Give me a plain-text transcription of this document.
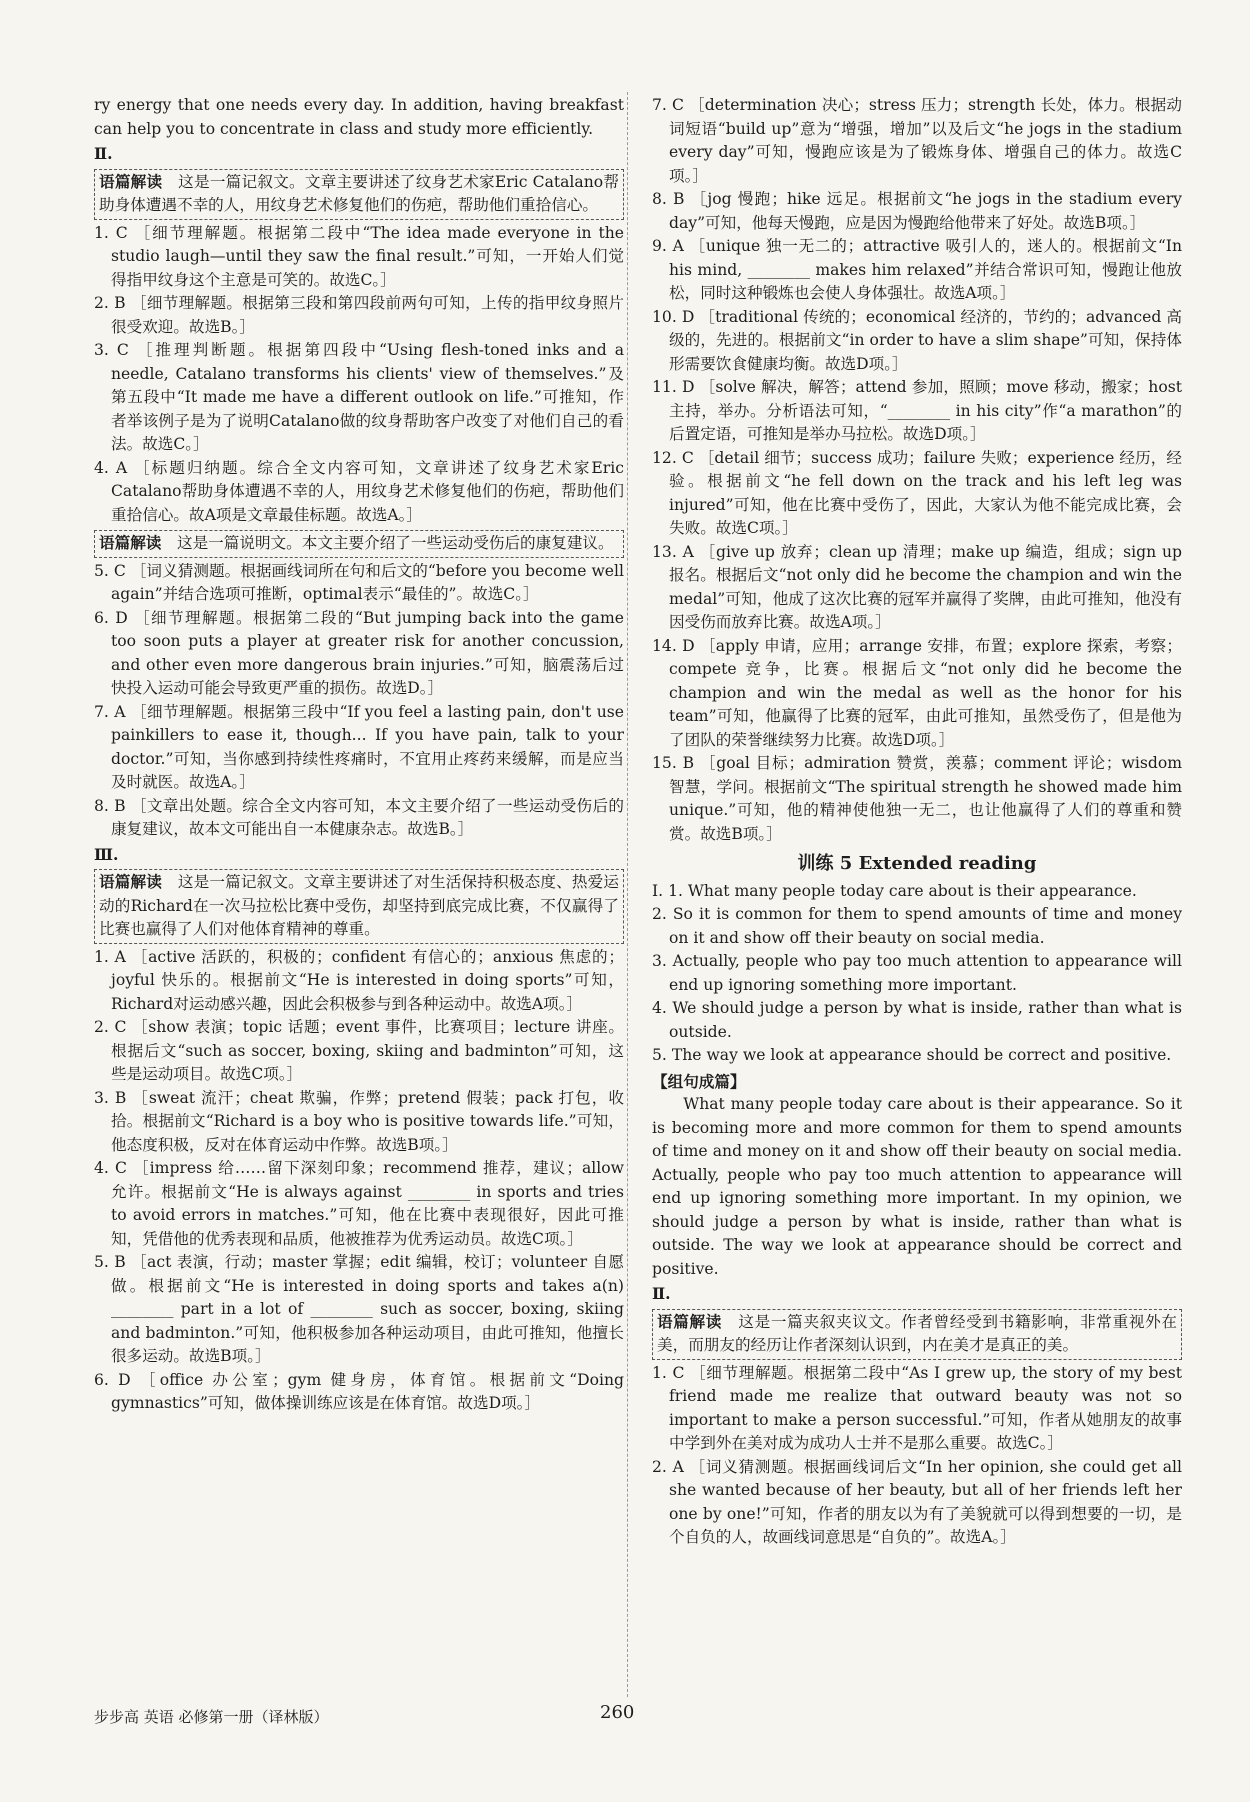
ry energy that one needs every day. In addition, having breakfast can help you to concentrate in class and study more efficiently.

Ⅱ.

语篇解读  这是一篇记叙文。文章主要讲述了纹身艺术家Eric Catalano帮助身体遭遇不幸的人，用纹身艺术修复他们的伤疤，帮助他们重拾信心。

1. C ［细节理解题。根据第二段中“The idea made everyone in the studio laugh—until they saw the final result.”可知，一开始人们觉得指甲纹身这个主意是可笑的。故选C。］

2. B ［细节理解题。根据第三段和第四段前两句可知，上传的指甲纹身照片很受欢迎。故选B。］

3. C ［推理判断题。根据第四段中“Using flesh-toned inks and a needle, Catalano transforms his clients' view of themselves.”及第五段中“It made me have a different outlook on life.”可推知，作者举该例子是为了说明Catalano做的纹身帮助客户改变了对他们自己的看法。故选C。］

4. A ［标题归纳题。综合全文内容可知，文章讲述了纹身艺术家Eric Catalano帮助身体遭遇不幸的人，用纹身艺术修复他们的伤疤，帮助他们重拾信心。故A项是文章最佳标题。故选A。］

语篇解读  这是一篇说明文。本文主要介绍了一些运动受伤后的康复建议。

5. C ［词义猜测题。根据画线词所在句和后文的“before you become well again”并结合选项可推断，optimal表示“最佳的”。故选C。］

6. D ［细节理解题。根据第二段的“But jumping back into the game too soon puts a player at greater risk for another concussion, and other even more dangerous brain injuries.”可知，脑震荡后过快投入运动可能会导致更严重的损伤。故选D。］

7. A ［细节理解题。根据第三段中“If you feel a lasting pain, don't use painkillers to ease it, though... If you have pain, talk to your doctor.”可知，当你感到持续性疼痛时，不宜用止疼药来缓解，而是应当及时就医。故选A。］

8. B ［文章出处题。综合全文内容可知，本文主要介绍了一些运动受伤后的康复建议，故本文可能出自一本健康杂志。故选B。］

Ⅲ.

语篇解读  这是一篇记叙文。文章主要讲述了对生活保持积极态度、热爱运动的Richard在一次马拉松比赛中受伤，却坚持到底完成比赛，不仅赢得了比赛也赢得了人们对他体育精神的尊重。

1. A ［active 活跃的，积极的；confident 有信心的；anxious 焦虑的；joyful 快乐的。根据前文“He is interested in doing sports”可知，Richard对运动感兴趣，因此会积极参与到各种运动中。故选A项。］

2. C ［show 表演；topic 话题；event 事件，比赛项目；lecture 讲座。根据后文“such as soccer, boxing, skiing and badminton”可知，这些是运动项目。故选C项。］

3. B ［sweat 流汗；cheat 欺骗，作弊；pretend 假装；pack 打包，收拾。根据前文“Richard is a boy who is positive towards life.”可知，他态度积极，反对在体育运动中作弊。故选B项。］

4. C ［impress 给……留下深刻印象；recommend 推荐，建议；allow 允许。根据前文“He is always against ________ in sports and tries to avoid errors in matches.”可知，他在比赛中表现很好，因此可推知，凭借他的优秀表现和品质，他被推荐为优秀运动员。故选C项。］

5. B ［act 表演，行动；master 掌握；edit 编辑，校订；volunteer 自愿做。根据前文“He is interested in doing sports and takes a(n) ________ part in a lot of ________ such as soccer, boxing, skiing and badminton.”可知，他积极参加各种运动项目，由此可推知，他擅长很多运动。故选B项。］

6. D ［office 办公室；gym 健身房，体育馆。根据前文“Doing gymnastics”可知，做体操训练应该是在体育馆。故选D项。］

7. C ［determination 决心；stress 压力；strength 长处，体力。根据动词短语“build up”意为“增强，增加”以及后文“he jogs in the stadium every day”可知，慢跑应该是为了锻炼身体、增强自己的体力。故选C项。］

8. B ［jog 慢跑；hike 远足。根据前文“he jogs in the stadium every day”可知，他每天慢跑，应是因为慢跑给他带来了好处。故选B项。］

9. A ［unique 独一无二的；attractive 吸引人的，迷人的。根据前文“In his mind, ________ makes him relaxed”并结合常识可知，慢跑让他放松，同时这种锻炼也会使人身体强壮。故选A项。］

10. D ［traditional 传统的；economical 经济的，节约的；advanced 高级的，先进的。根据前文“in order to have a slim shape”可知，保持体形需要饮食健康均衡。故选D项。］

11. D ［solve 解决，解答；attend 参加，照顾；move 移动，搬家；host 主持，举办。分析语法可知，“________ in his city”作“a marathon”的后置定语，可推知是举办马拉松。故选D项。］

12. C ［detail 细节；success 成功；failure 失败；experience 经历，经验。根据前文“he fell down on the track and his left leg was injured”可知，他在比赛中受伤了，因此，大家认为他不能完成比赛，会失败。故选C项。］

13. A ［give up 放弃；clean up 清理；make up 编造，组成；sign up 报名。根据后文“not only did he become the champion and win the medal”可知，他成了这次比赛的冠军并赢得了奖牌，由此可推知，他没有因受伤而放弃比赛。故选A项。］

14. D ［apply 申请，应用；arrange 安排，布置；explore 探索，考察；compete 竞争，比赛。根据后文“not only did he become the champion and win the medal as well as the honor for his team”可知，他赢得了比赛的冠军，由此可推知，虽然受伤了，但是他为了团队的荣誉继续努力比赛。故选D项。］

15. B ［goal 目标；admiration 赞赏，羡慕；comment 评论；wisdom 智慧，学问。根据前文“The spiritual strength he showed made him unique.”可知，他的精神使他独一无二，也让他赢得了人们的尊重和赞赏。故选B项。］

训练 5 Extended reading

Ⅰ. 1. What many people today care about is their appearance.

2. So it is common for them to spend amounts of time and money on it and show off their beauty on social media.

3. Actually, people who pay too much attention to appearance will end up ignoring something more important.

4. We should judge a person by what is inside, rather than what is outside.

5. The way we look at appearance should be correct and positive.

【组句成篇】

What many people today care about is their appearance. So it is becoming more and more common for them to spend amounts of time and money on it and show off their beauty on social media. Actually, people who pay too much attention to appearance will end up ignoring something more important. In my opinion, we should judge a person by what is inside, rather than what is outside. The way we look at appearance should be correct and positive.

Ⅱ.

语篇解读  这是一篇夹叙夹议文。作者曾经受到书籍影响，非常重视外在美，而朋友的经历让作者深刻认识到，内在美才是真正的美。

1. C ［细节理解题。根据第二段中“As I grew up, the story of my best friend made me realize that outward beauty was not so important to make a person successful.”可知，作者从她朋友的故事中学到外在美对成为成功人士并不是那么重要。故选C。］

2. A ［词义猜测题。根据画线词后文“In her opinion, she could get all she wanted because of her beauty, but all of her friends left her one by one!”可知，作者的朋友以为有了美貌就可以得到想要的一切，是个自负的人，故画线词意思是“自负的”。故选A。］

步步高 英语 必修第一册（译林版）	260
